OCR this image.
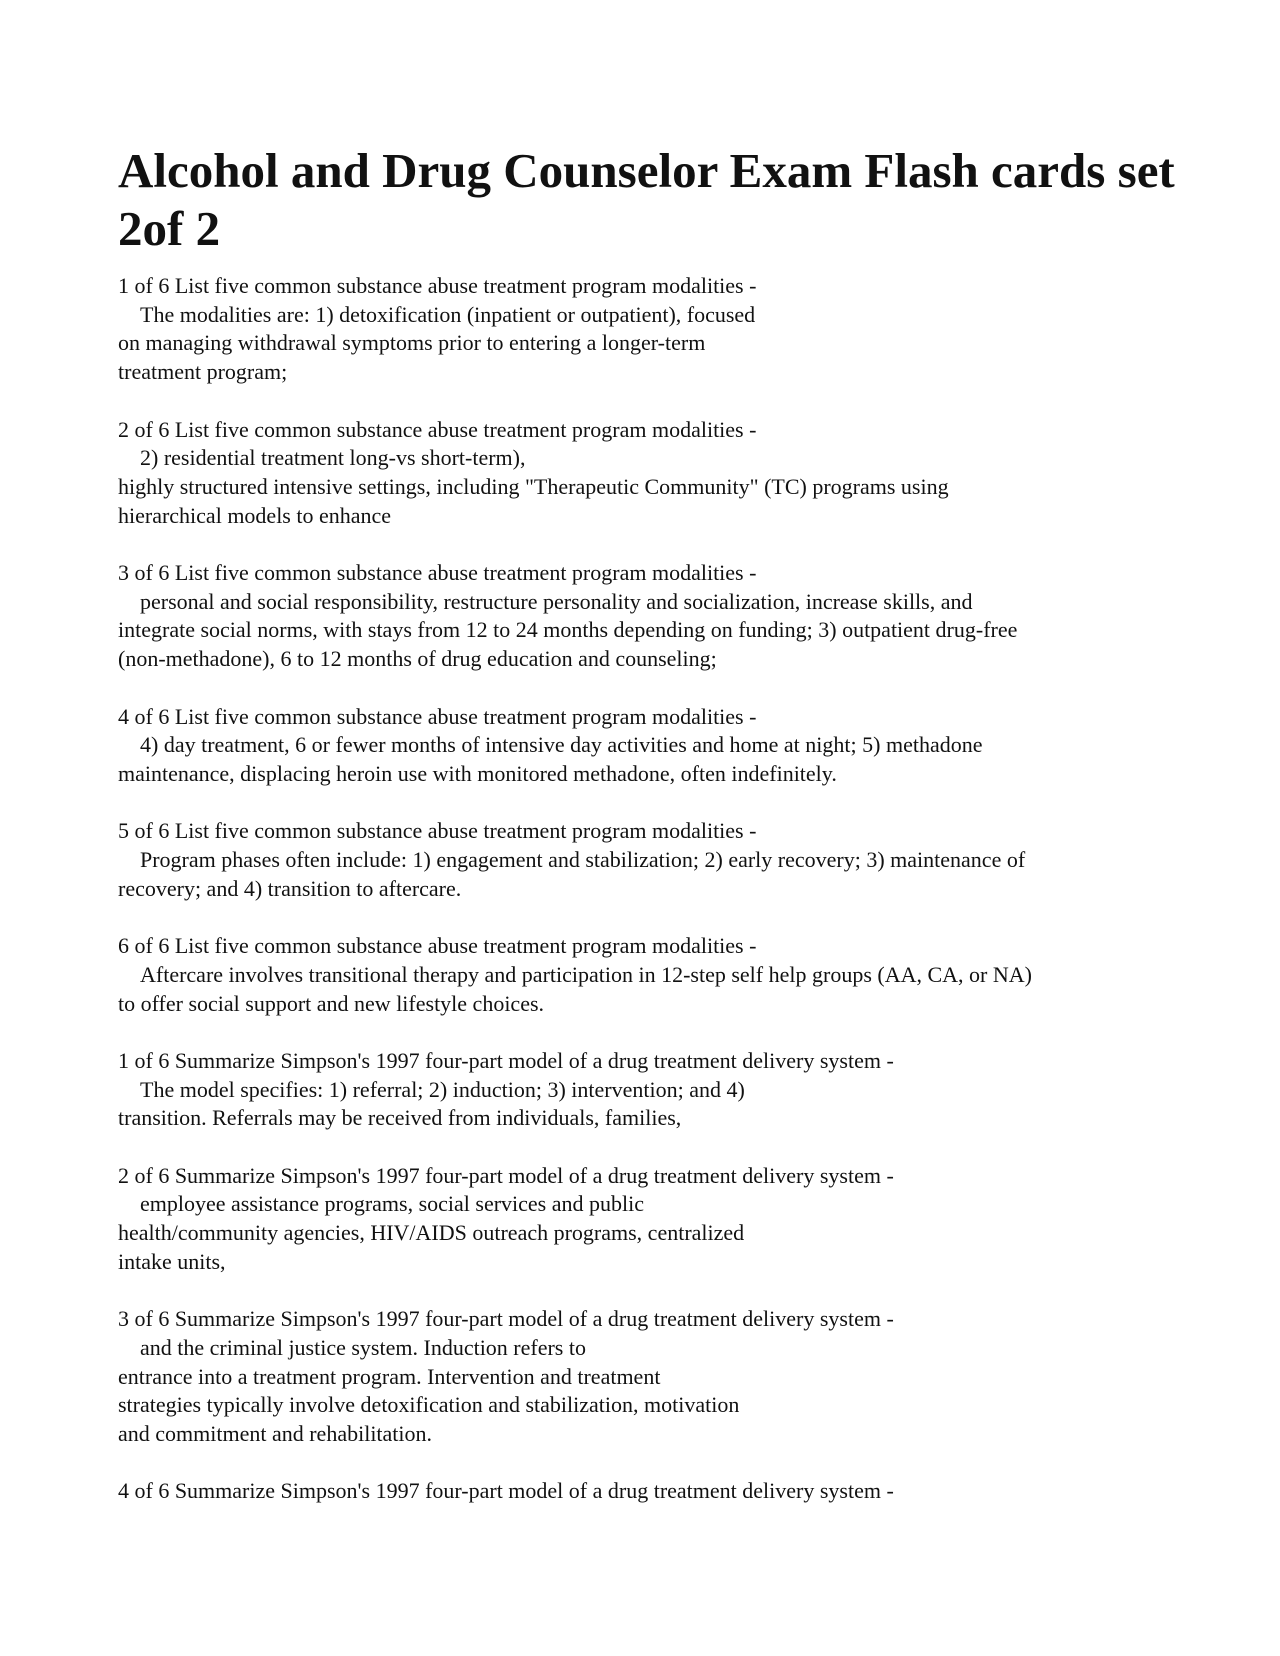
Alcohol and Drug Counselor Exam Flash cards set 2of 2
1 of 6 List five common substance abuse treatment program modalities -
The modalities are: 1) detoxification (inpatient or outpatient), focused
on managing withdrawal symptoms prior to entering a longer-term
treatment program;
2 of 6 List five common substance abuse treatment program modalities -
2) residential treatment long-vs short-term),
highly structured intensive settings, including "Therapeutic Community" (TC) programs using
hierarchical models to enhance
3 of 6 List five common substance abuse treatment program modalities -
personal and social responsibility, restructure personality and socialization, increase skills, and
integrate social norms, with stays from 12 to 24 months depending on funding; 3) outpatient drug-free
(non-methadone), 6 to 12 months of drug education and counseling;
4 of 6 List five common substance abuse treatment program modalities -
4) day treatment, 6 or fewer months of intensive day activities and home at night; 5) methadone
maintenance, displacing heroin use with monitored methadone, often indefinitely.
5 of 6 List five common substance abuse treatment program modalities -
Program phases often include: 1) engagement and stabilization; 2) early recovery; 3) maintenance of
recovery; and 4) transition to aftercare.
6 of 6 List five common substance abuse treatment program modalities -
Aftercare involves transitional therapy and participation in 12-step self help groups (AA, CA, or NA)
to offer social support and new lifestyle choices.
1 of 6 Summarize Simpson's 1997 four-part model of a drug treatment delivery system -
The model specifies: 1) referral; 2) induction; 3) intervention; and 4)
transition. Referrals may be received from individuals, families,
2 of 6 Summarize Simpson's 1997 four-part model of a drug treatment delivery system -
employee assistance programs, social services and public
health/community agencies, HIV/AIDS outreach programs, centralized
intake units,
3 of 6 Summarize Simpson's 1997 four-part model of a drug treatment delivery system -
and the criminal justice system. Induction refers to
entrance into a treatment program. Intervention and treatment
strategies typically involve detoxification and stabilization, motivation
and commitment and rehabilitation.
4 of 6 Summarize Simpson's 1997 four-part model of a drug treatment delivery system -
